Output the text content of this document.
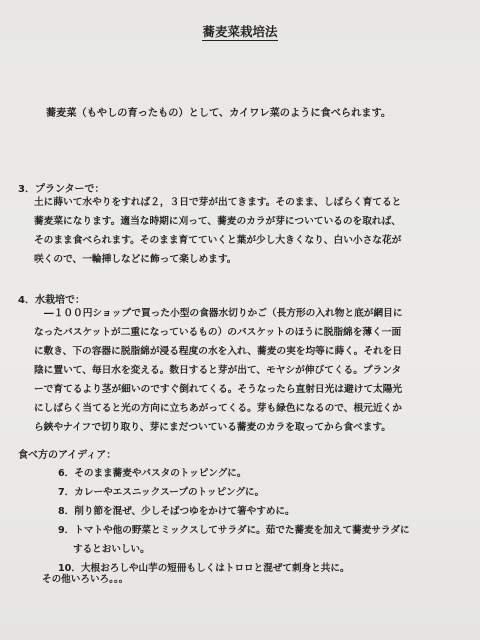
蕎麦菜栽培法
蕎麦菜（もやしの育ったもの）として、カイワレ菜のように食べられます。
3．プランターで：
土に蒔いて水やりをすれば２，３日で芽が出てきます。そのまま、しばらく育てると
蕎麦菜になります。適当な時期に刈って、蕎麦のカラが芽についているのを取れば、
そのまま食べられます。そのまま育てていくと葉が少し大きくなり、白い小さな花が
咲くので、一輪挿しなどに飾って楽しめます。
4．水栽培で：
―１００円ショップで買った小型の食器水切りかご（長方形の入れ物と底が網目に
なったバスケットが二重になっているもの）のバスケットのほうに脱脂綿を薄く一面
に敷き、下の容器に脱脂綿が浸る程度の水を入れ、蕎麦の実を均等に蒔く。それを日
陰に置いて、毎日水を変える。数日すると芽が出て、モヤシが伸びてくる。プランタ
ーで育てるより茎が細いのですぐ倒れてくる。そうなったら直射日光は避けて太陽光
にしばらく当てると光の方向に立ちあがってくる。芽も緑色になるので、根元近くか
ら鋏やナイフで切り取り、芽にまだついている蕎麦のカラを取ってから食べます。
食べ方のアイディア：
6．そのまま蕎麦やパスタのトッピングに。
7．カレーやエスニックスープのトッピングに。
8．削り節を混ぜ、少しそばつゆをかけて箸やすめに。
9．トマトや他の野菜とミックスしてサラダに。茹でた蕎麦を加えて蕎麦サラダに
するとおいしい。
10．大根おろしや山芋の短冊もしくはトロロと混ぜて刺身と共に。
その他いろいろ。。。
